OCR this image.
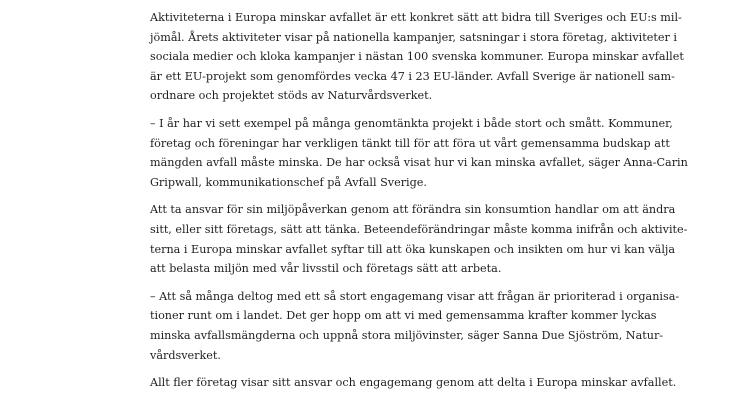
Aktiviteterna i Europa minskar avfallet är ett konkret sätt att bidra till Sveriges och EU:s mil-
jömål. Årets aktiviteter visar på nationella kampanjer, satsningar i stora företag, aktiviteter i
sociala medier och kloka kampanjer i nästan 100 svenska kommuner. Europa minskar avfallet
är ett EU-projekt som genomfördes vecka 47 i 23 EU-länder. Avfall Sverige är nationell sam-
ordnare och projektet stöds av Naturvårdsverket.

– I år har vi sett exempel på många genomtänkta projekt i både stort och smått. Kommuner,
företag och föreningar har verkligen tänkt till för att föra ut vårt gemensamma budskap att
mängden avfall måste minska. De har också visat hur vi kan minska avfallet, säger Anna-Carin
Gripwall, kommunikationschef på Avfall Sverige.

Att ta ansvar för sin miljöpåverkan genom att förändra sin konsumtion handlar om att ändra
sitt, eller sitt företags, sätt att tänka. Beteendeförändringar måste komma inifrån och aktivite-
terna i Europa minskar avfallet syftar till att öka kunskapen och insikten om hur vi kan välja
att belasta miljön med vår livsstil och företags sätt att arbeta.

– Att så många deltog med ett så stort engagemang visar att frågan är prioriterad i organisa-
tioner runt om i landet. Det ger hopp om att vi med gemensamma krafter kommer lyckas
minska avfallsmängderna och uppnå stora miljövinster, säger Sanna Due Sjöström, Natur-
vårdsverket.

Allt fler företag visar sitt ansvar och engagemang genom att delta i Europa minskar avfallet.
